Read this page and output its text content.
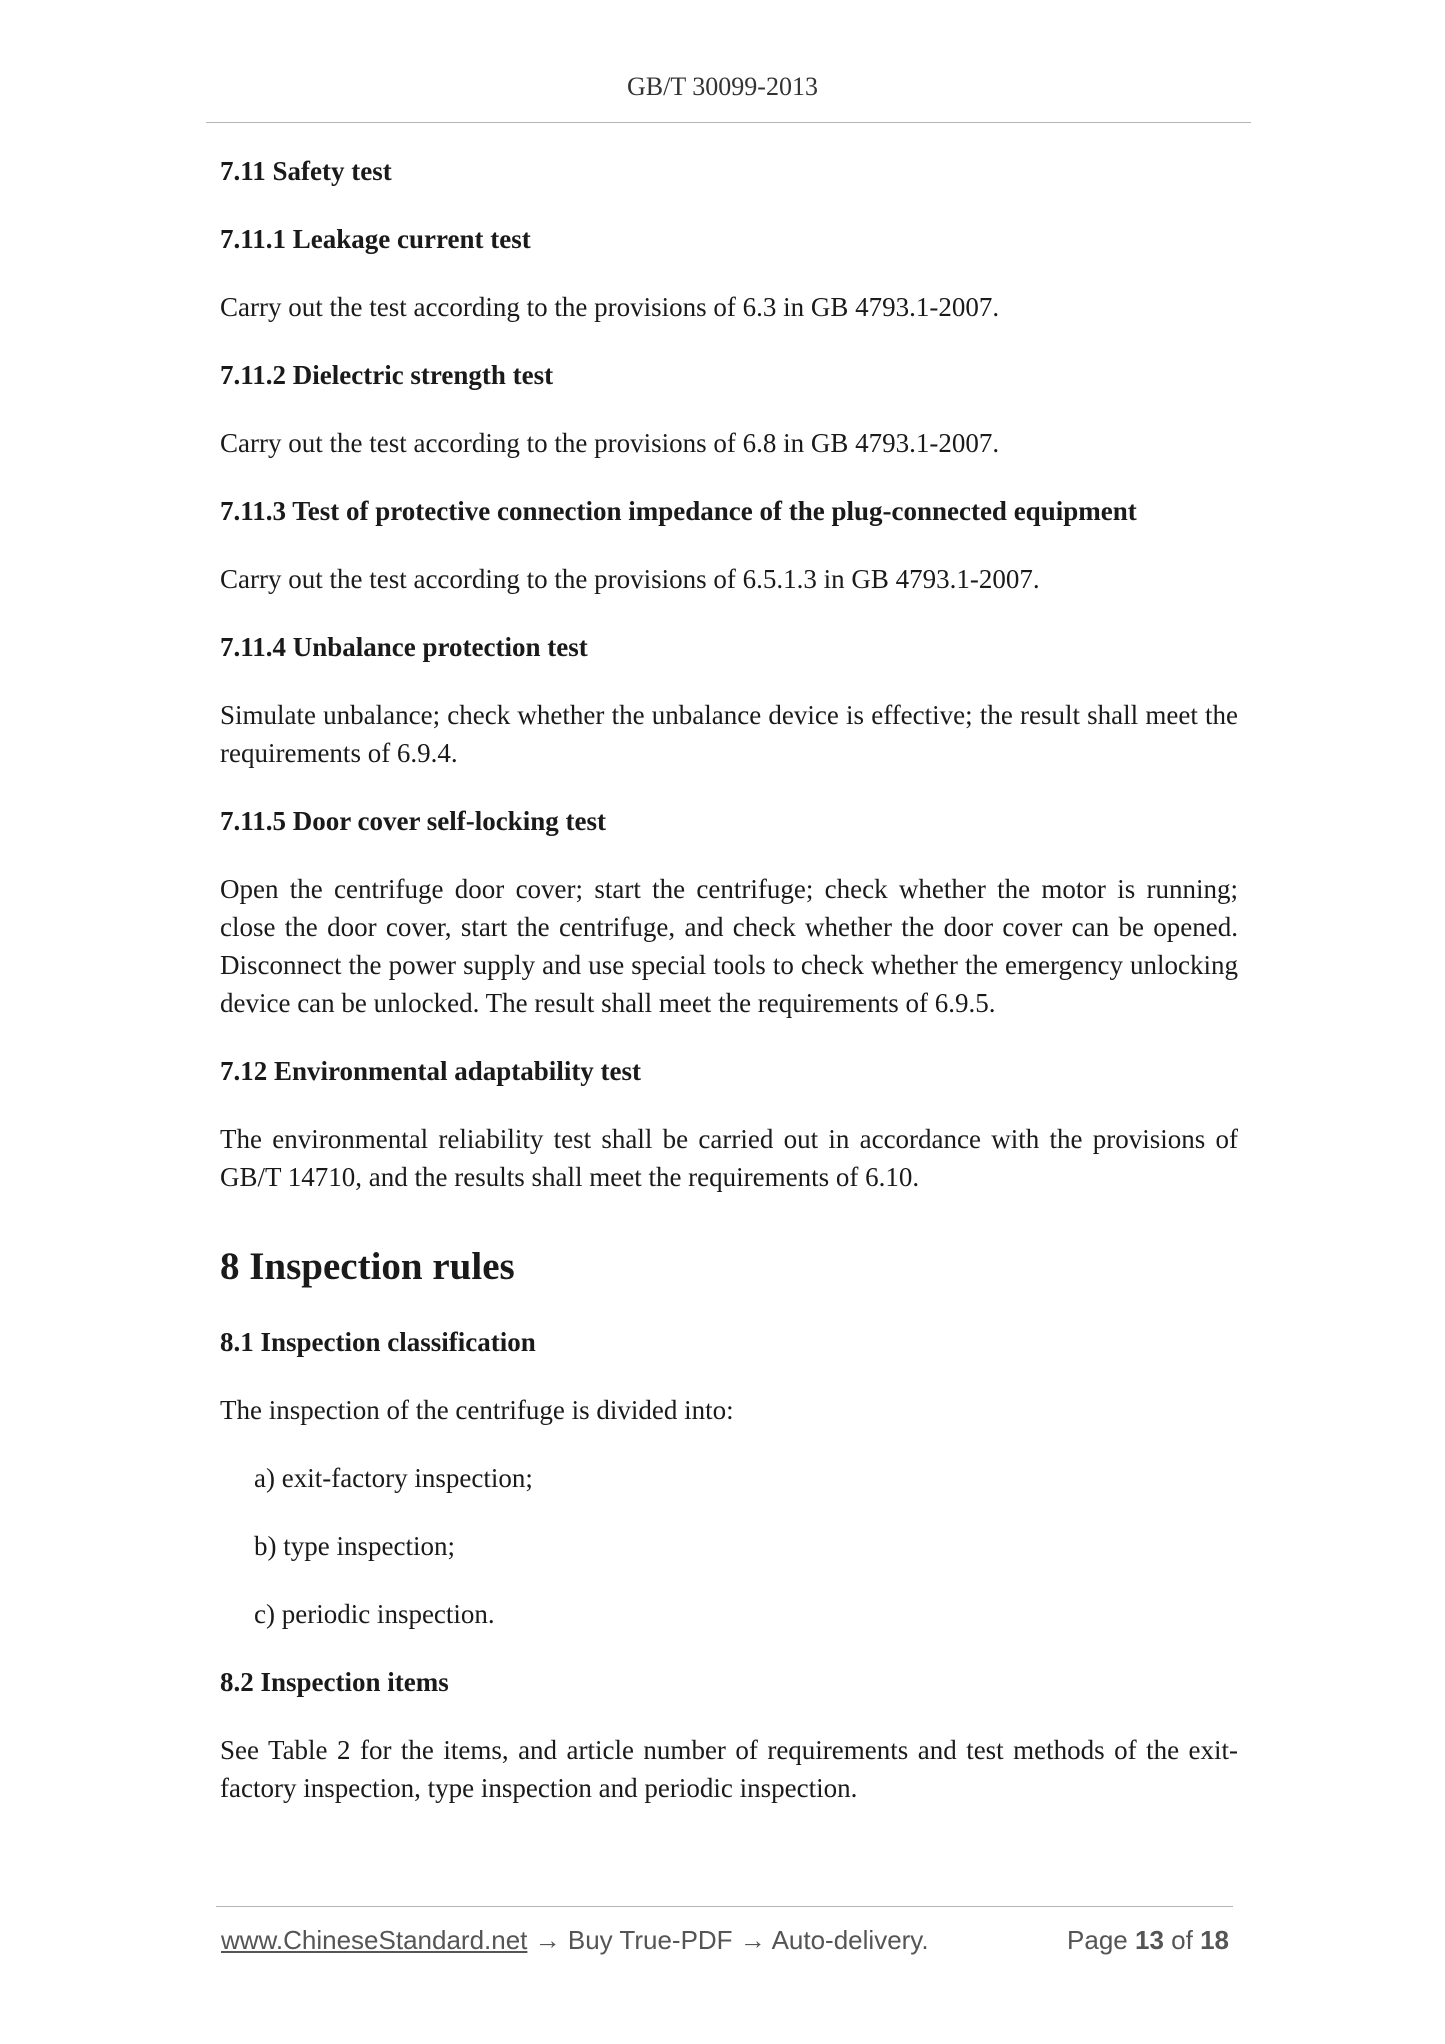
GB/T 30099-2013

7.11 Safety test

7.11.1 Leakage current test

Carry out the test according to the provisions of 6.3 in GB 4793.1-2007.

7.11.2 Dielectric strength test

Carry out the test according to the provisions of 6.8 in GB 4793.1-2007.

7.11.3 Test of protective connection impedance of the plug-connected equipment

Carry out the test according to the provisions of 6.5.1.3 in GB 4793.1-2007.

7.11.4 Unbalance protection test

Simulate unbalance; check whether the unbalance device is effective; the result shall meet the requirements of 6.9.4.

7.11.5 Door cover self-locking test

Open the centrifuge door cover; start the centrifuge; check whether the motor is running; close the door cover, start the centrifuge, and check whether the door cover can be opened. Disconnect the power supply and use special tools to check whether the emergency unlocking device can be unlocked. The result shall meet the requirements of 6.9.5.

7.12 Environmental adaptability test

The environmental reliability test shall be carried out in accordance with the provisions of GB/T 14710, and the results shall meet the requirements of 6.10.

8 Inspection rules

8.1 Inspection classification

The inspection of the centrifuge is divided into:

a) exit-factory inspection;

b) type inspection;

c) periodic inspection.

8.2 Inspection items

See Table 2 for the items, and article number of requirements and test methods of the exit-factory inspection, type inspection and periodic inspection.

www.ChineseStandard.net → Buy True-PDF → Auto-delivery.	Page 13 of 18
